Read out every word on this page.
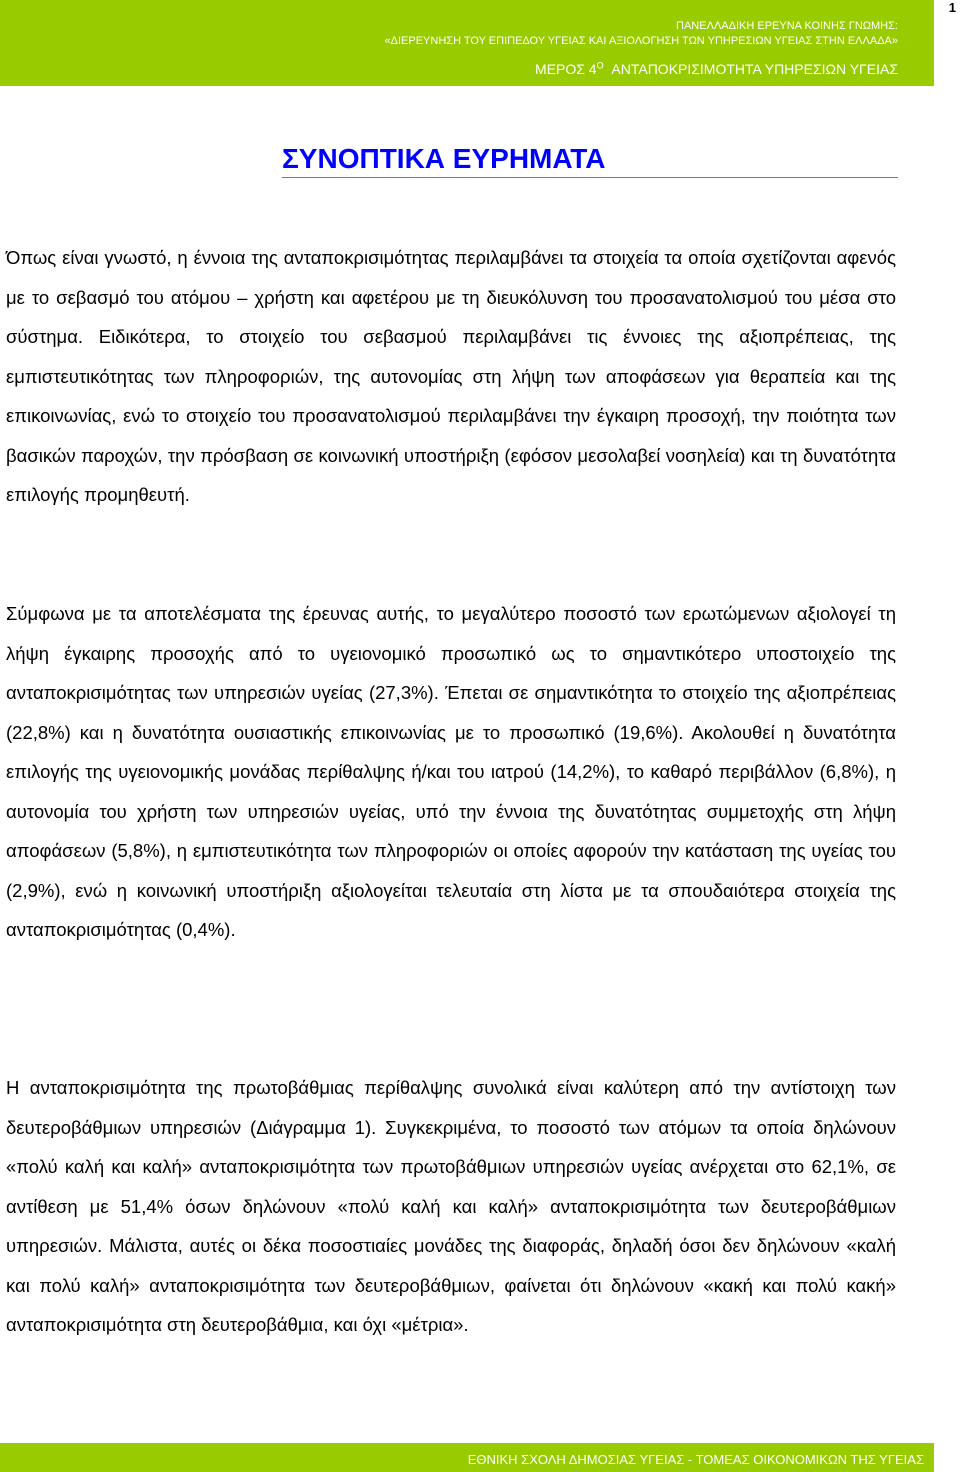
ΠΑΝΕΛΛΑΔΙΚΗ ΕΡΕΥΝΑ ΚΟΙΝΗΣ ΓΝΩΜΗΣ:
«ΔΙΕΡΕΥΝΗΣΗ ΤΟΥ ΕΠΙΠΕΔΟΥ ΥΓΕΙΑΣ ΚΑΙ ΑΞΙΟΛΟΓΗΣΗ ΤΩΝ ΥΠΗΡΕΣΙΩΝ ΥΓΕΙΑΣ ΣΤΗΝ ΕΛΛΑΔΑ»
ΜΕΡΟΣ $4^O$ ΑΝΤΑΠΟΚΡΙΣΙΜΟΤΗΤΑ ΥΠΗΡΕΣΙΩΝ ΥΓΕΙΑΣ
1
ΣΥΝΟΠΤΙΚΑ ΕΥΡΗΜΑΤΑ

Όπως είναι γνωστό, η έννοια της ανταποκρισιμότητας περιλαμβάνει τα στοιχεία τα οποία σχετίζονται αφενός με το σεβασμό του ατόμου – χρήστη και αφετέρου με τη διευκόλυνση του προσανατολισμού του μέσα στο σύστημα. Ειδικότερα, το στοιχείο του σεβασμού περιλαμβάνει τις έννοιες της αξιοπρέπειας, της εμπιστευτικότητας των πληροφοριών, της αυτονομίας στη λήψη των αποφάσεων για θεραπεία και της επικοινωνίας, ενώ το στοιχείο του προσανατολισμού περιλαμβάνει την έγκαιρη προσοχή, την ποιότητα των βασικών παροχών, την πρόσβαση σε κοινωνική υποστήριξη (εφόσον μεσολαβεί νοσηλεία) και τη δυνατότητα επιλογής προμηθευτή.

Σύμφωνα με τα αποτελέσματα της έρευνας αυτής, το μεγαλύτερο ποσοστό των ερωτώμενων αξιολογεί τη λήψη έγκαιρης προσοχής από το υγειονομικό προσωπικό ως το σημαντικότερο υποστοιχείο της ανταποκρισιμότητας των υπηρεσιών υγείας (27,3%). Έπεται σε σημαντικότητα το στοιχείο της αξιοπρέπειας (22,8%) και η δυνατότητα ουσιαστικής επικοινωνίας με το προσωπικό (19,6%). Ακολουθεί η δυνατότητα επιλογής της υγειονομικής μονάδας περίθαλψης ή/και του ιατρού (14,2%), το καθαρό περιβάλλον (6,8%), η αυτονομία του χρήστη των υπηρεσιών υγείας, υπό την έννοια της δυνατότητας συμμετοχής στη λήψη αποφάσεων (5,8%), η εμπιστευτικότητα των πληροφοριών οι οποίες αφορούν την κατάσταση της υγείας του (2,9%), ενώ η κοινωνική υποστήριξη αξιολογείται τελευταία στη λίστα με τα σπουδαιότερα στοιχεία της ανταποκρισιμότητας (0,4%).

Η ανταποκρισιμότητα της πρωτοβάθμιας περίθαλψης συνολικά είναι καλύτερη από την αντίστοιχη των δευτεροβάθμιων υπηρεσιών (Διάγραμμα 1). Συγκεκριμένα, το ποσοστό των ατόμων τα οποία δηλώνουν «πολύ καλή και καλή» ανταποκρισιμότητα των πρωτοβάθμιων υπηρεσιών υγείας ανέρχεται στο 62,1%, σε αντίθεση με 51,4% όσων δηλώνουν «πολύ καλή και καλή» ανταποκρισιμότητα των δευτεροβάθμιων υπηρεσιών. Μάλιστα, αυτές οι δέκα ποσοστιαίες μονάδες της διαφοράς, δηλαδή όσοι δεν δηλώνουν «καλή και πολύ καλή» ανταποκρισιμότητα των δευτεροβάθμιων, φαίνεται ότι δηλώνουν «κακή και πολύ κακή» ανταποκρισιμότητα στη δευτεροβάθμια, και όχι «μέτρια».

ΕΘΝΙΚΗ ΣΧΟΛΗ ΔΗΜΟΣΙΑΣ ΥΓΕΙΑΣ - ΤΟΜΕΑΣ ΟΙΚΟΝΟΜΙΚΩΝ ΤΗΣ ΥΓΕΙΑΣ
